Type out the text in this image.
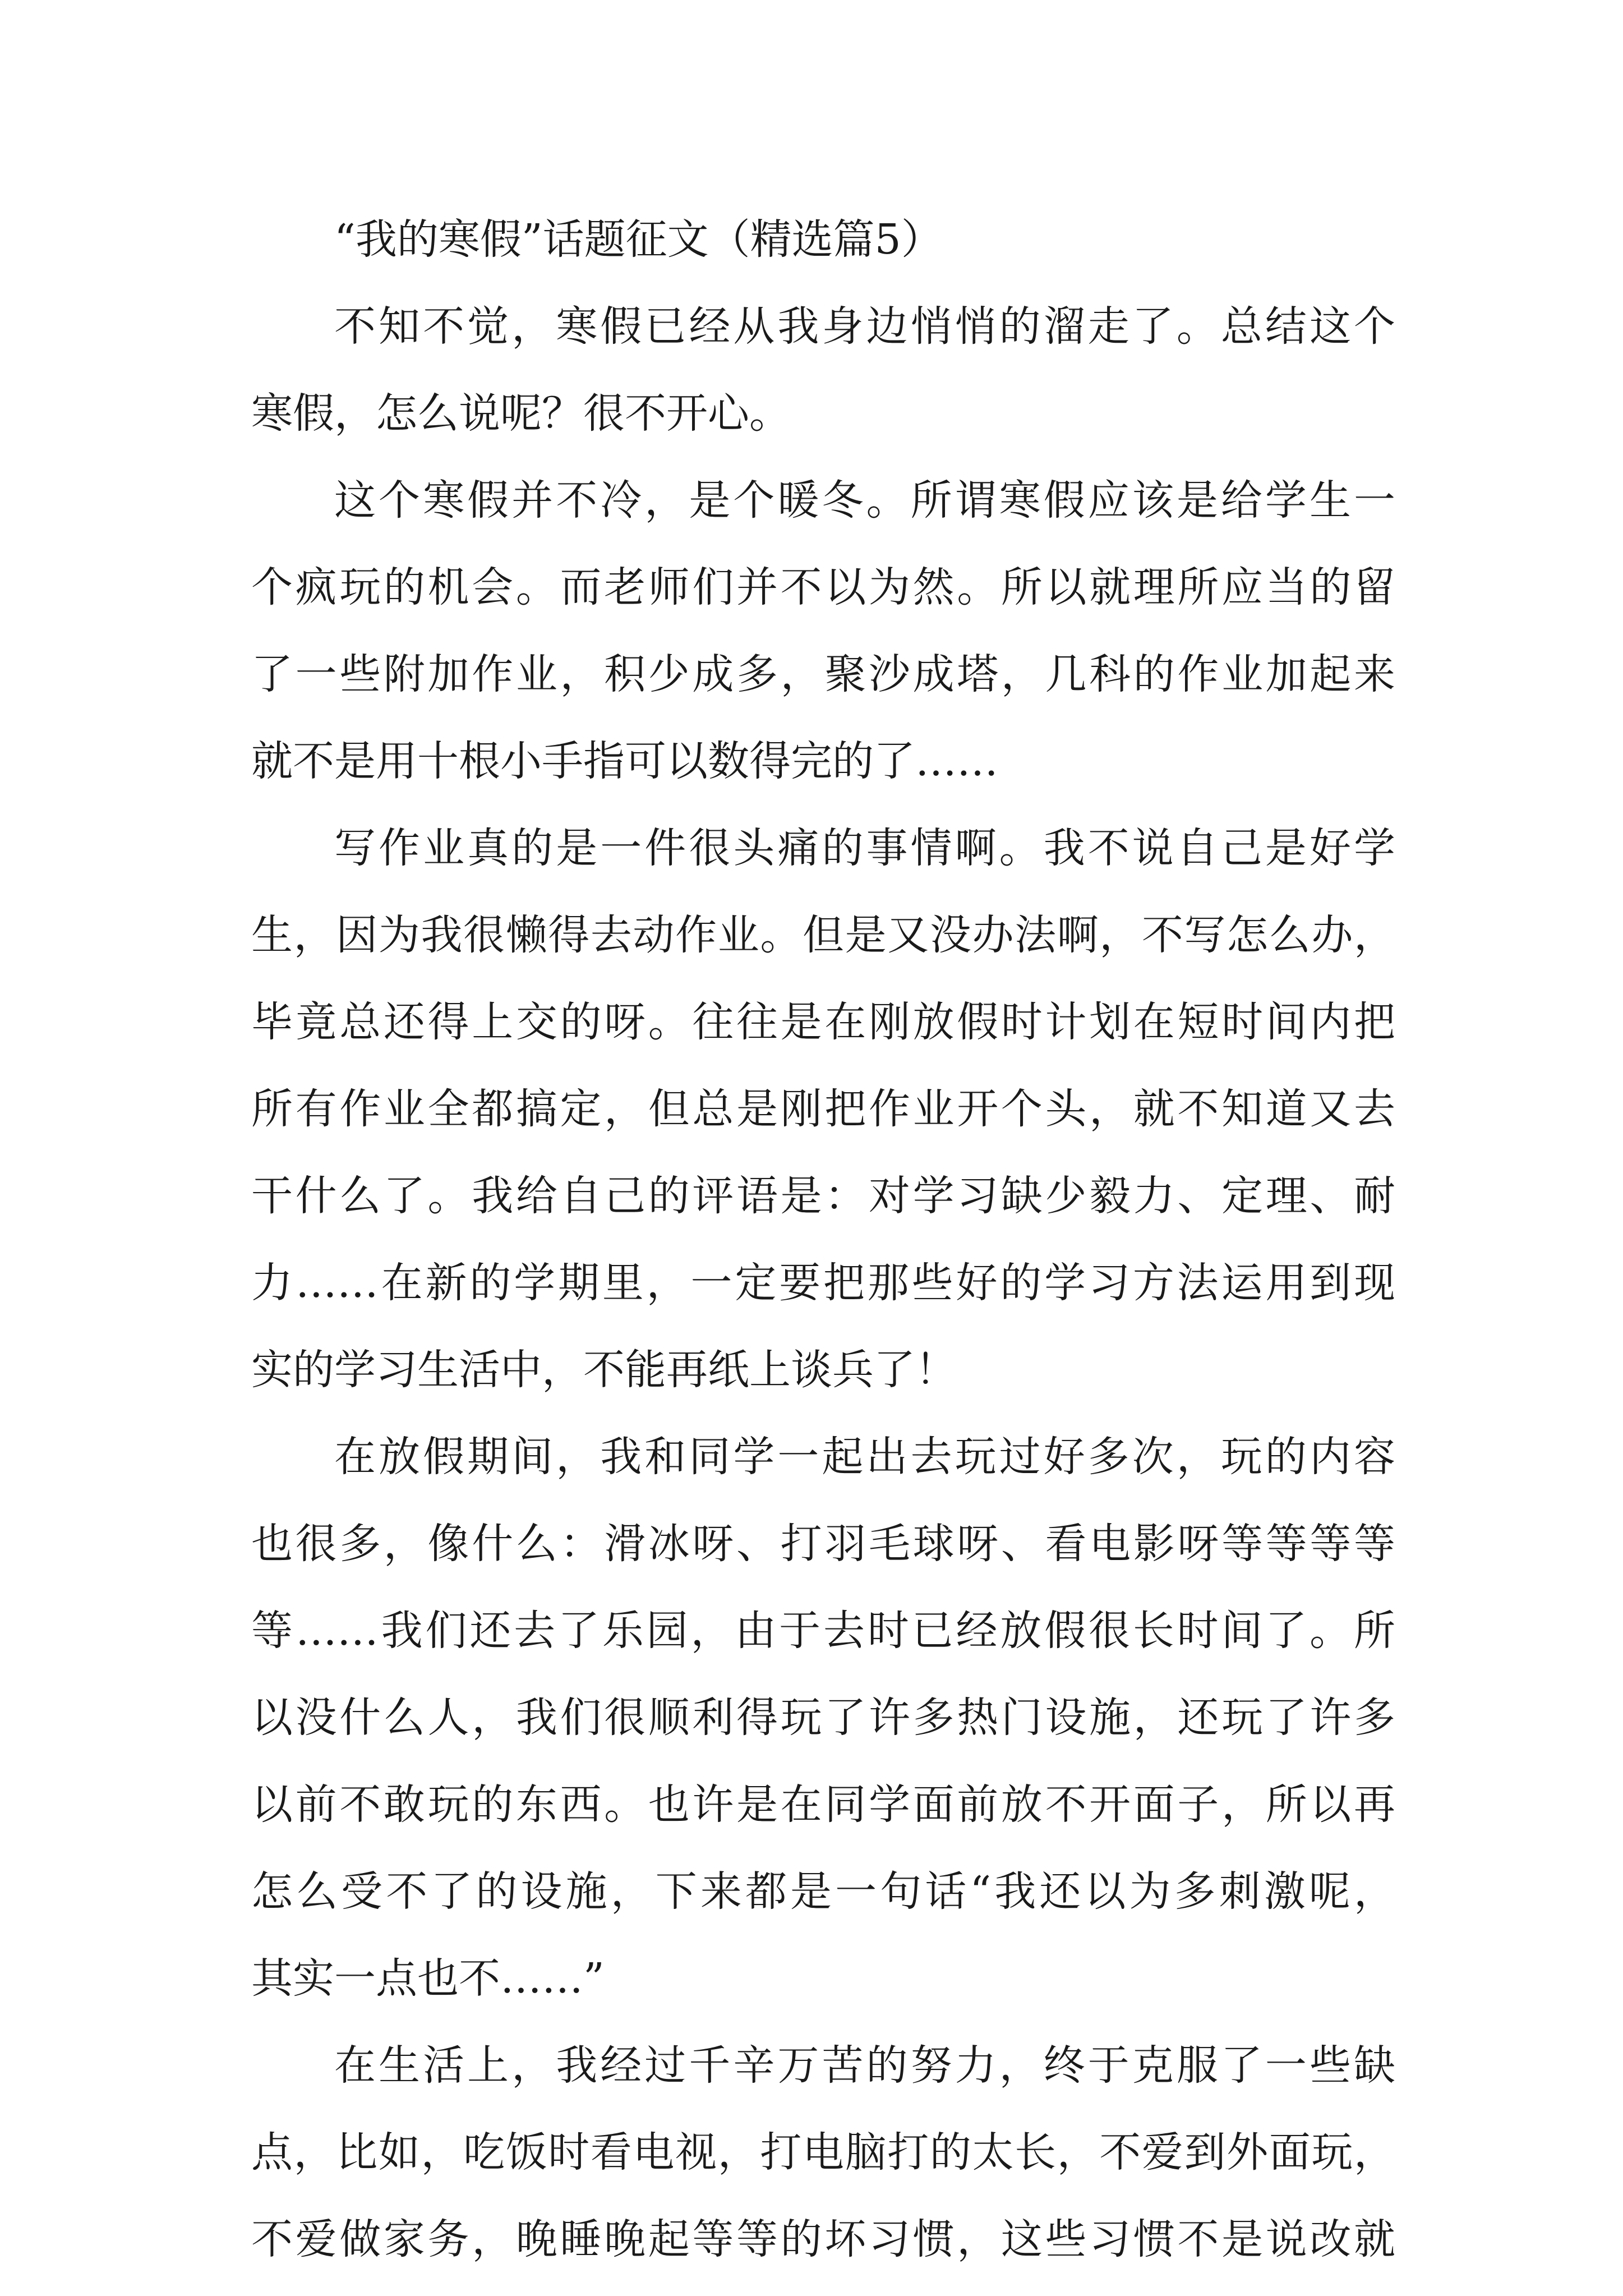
“我的寒假”话题征文（精选篇5）
不知不觉，寒假已经从我身边悄悄的溜走了。总结这个
寒假，怎么说呢？很不开心。
这个寒假并不冷，是个暖冬。所谓寒假应该是给学生一
个疯玩的机会。而老师们并不以为然。所以就理所应当的留
了一些附加作业，积少成多，聚沙成塔，几科的作业加起来
就不是用十根小手指可以数得完的了……
写作业真的是一件很头痛的事情啊。我不说自己是好学
生，因为我很懒得去动作业。但是又没办法啊，不写怎么办，
毕竟总还得上交的呀。往往是在刚放假时计划在短时间内把
所有作业全都搞定，但总是刚把作业开个头，就不知道又去
干什么了。我给自己的评语是：对学习缺少毅力、定理、耐
力……在新的学期里，一定要把那些好的学习方法运用到现
实的学习生活中，不能再纸上谈兵了！
在放假期间，我和同学一起出去玩过好多次，玩的内容
也很多，像什么：滑冰呀、打羽毛球呀、看电影呀等等等等
等……我们还去了乐园，由于去时已经放假很长时间了。所
以没什么人，我们很顺利得玩了许多热门设施，还玩了许多
以前不敢玩的东西。也许是在同学面前放不开面子，所以再
怎么受不了的设施，下来都是一句话“我还以为多刺激呢，
其实一点也不……”
在生活上，我经过千辛万苦的努力，终于克服了一些缺
点，比如，吃饭时看电视，打电脑打的太长，不爱到外面玩，
不爱做家务，晚睡晚起等等的坏习惯，这些习惯不是说改就
